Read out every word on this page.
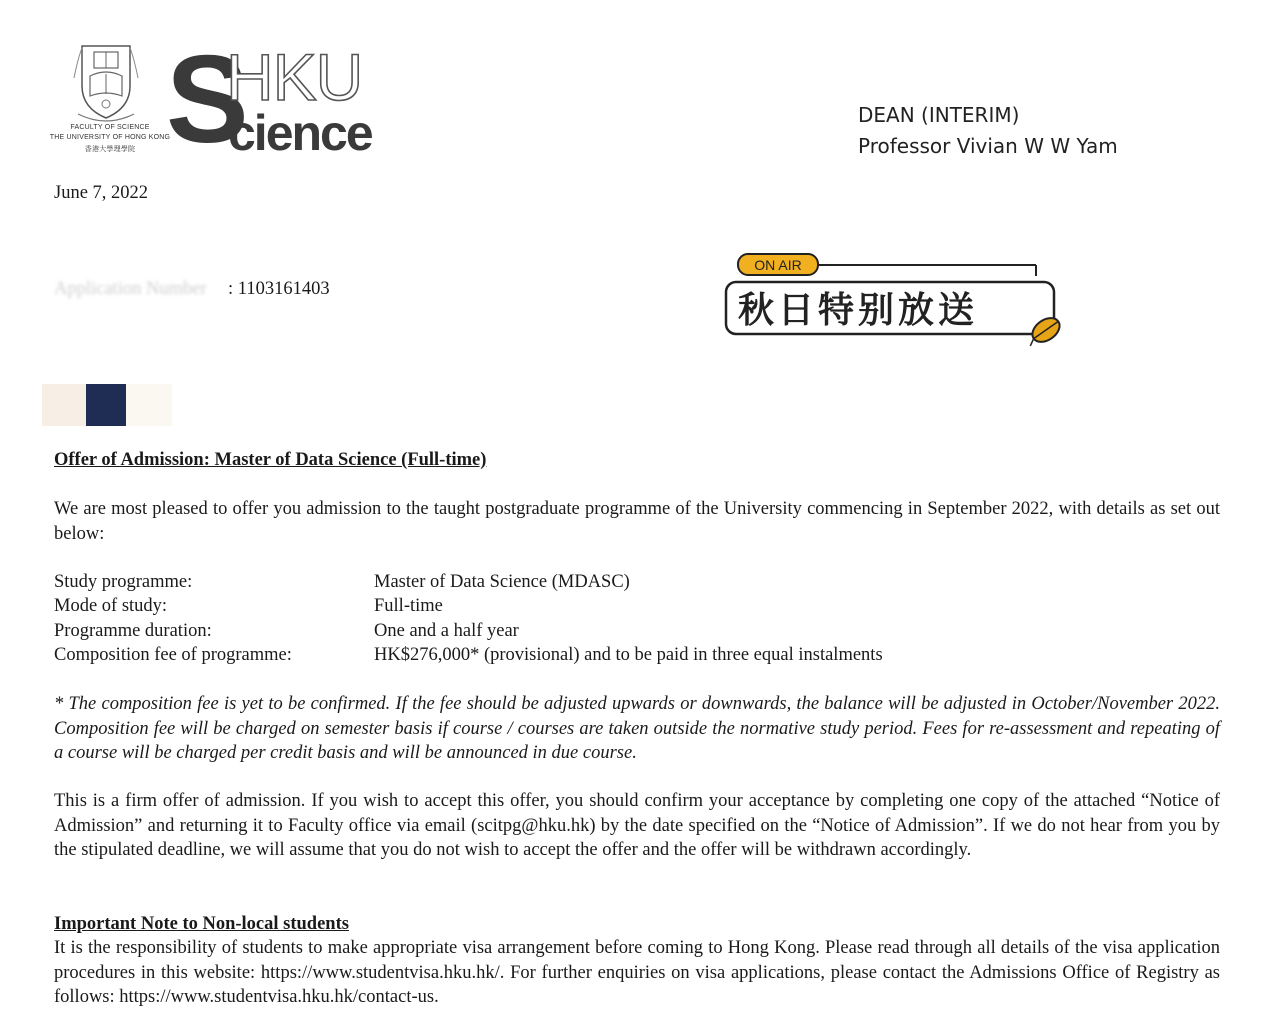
FACULTY OF SCIENCE
THE UNIVERSITY OF HONG KONG
香港大學理學院 S
HKU
cience	DEAN (INTERIM)
Professor Vivian W W Yam
June 7, 2022
Application Number : 1103161403
ON AIR
秋日特别放送
Offer of Admission: Master of Data Science (Full-time)
We are most pleased to offer you admission to the taught postgraduate programme of the University commencing in September 2022, with details as set out below:
Study programme:	Master of Data Science (MDASC)
Mode of study:	Full-time
Programme duration:	One and a half year
Composition fee of programme:	HK$276,000* (provisional) and to be paid in three equal instalments
* The composition fee is yet to be confirmed. If the fee should be adjusted upwards or downwards, the balance will be adjusted in October/November 2022. Composition fee will be charged on semester basis if course / courses are taken outside the normative study period. Fees for re-assessment and repeating of a course will be charged per credit basis and will be announced in due course.
This is a firm offer of admission. If you wish to accept this offer, you should confirm your acceptance by completing one copy of the attached “Notice of Admission” and returning it to Faculty office via email (scitpg@hku.hk) by the date specified on the “Notice of Admission”. If we do not hear from you by the stipulated deadline, we will assume that you do not wish to accept the offer and the offer will be withdrawn accordingly.
Important Note to Non-local students
It is the responsibility of students to make appropriate visa arrangement before coming to Hong Kong. Please read through all details of the visa application procedures in this website: https://www.studentvisa.hku.hk/. For further enquiries on visa applications, please contact the Admissions Office of Registry as follows: https://www.studentvisa.hku.hk/contact-us.
